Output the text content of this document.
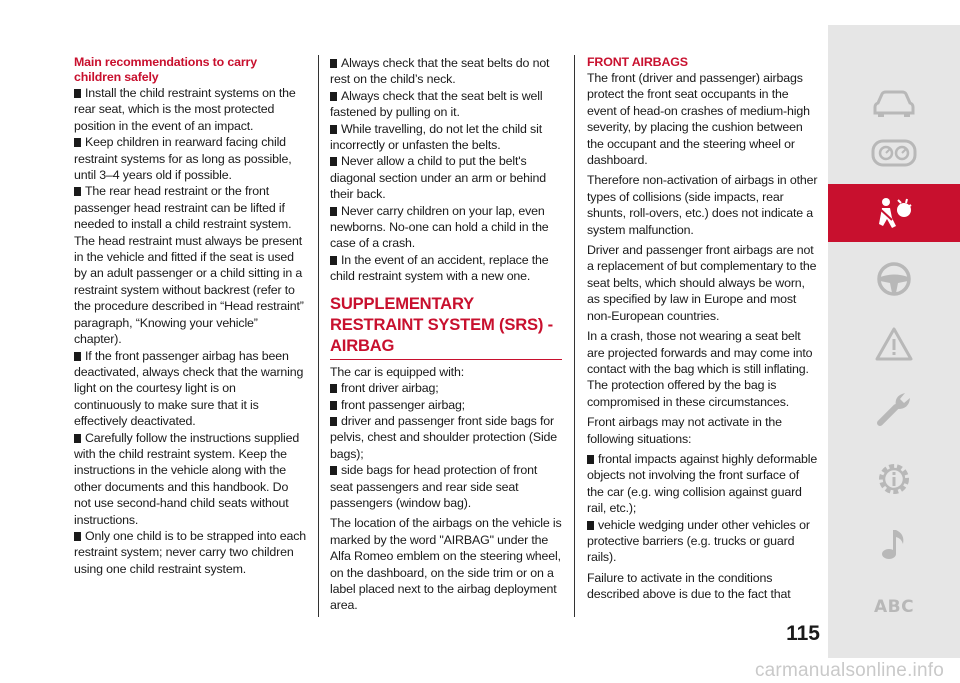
Main recommendations to carry children safely
Install the child restraint systems on the rear seat, which is the most protected position in the event of an impact.
Keep children in rearward facing child restraint systems for as long as possible, until 3–4 years old if possible.
The rear head restraint or the front passenger head restraint can be lifted if needed to install a child restraint system. The head restraint must always be present in the vehicle and fitted if the seat is used by an adult passenger or a child sitting in a restraint system without backrest (refer to the procedure described in “Head restraint” paragraph, “Knowing your vehicle” chapter).
If the front passenger airbag has been deactivated, always check that the warning light on the courtesy light is on continuously to make sure that it is effectively deactivated.
Carefully follow the instructions supplied with the child restraint system. Keep the instructions in the vehicle along with the other documents and this handbook. Do not use second-hand child seats without instructions.
Only one child is to be strapped into each restraint system; never carry two children using one child restraint system.
Always check that the seat belts do not rest on the child’s neck.
Always check that the seat belt is well fastened by pulling on it.
While travelling, do not let the child sit incorrectly or unfasten the belts.
Never allow a child to put the belt's diagonal section under an arm or behind their back.
Never carry children on your lap, even newborns. No-one can hold a child in the case of a crash.
In the event of an accident, replace the child restraint system with a new one.
SUPPLEMENTARY RESTRAINT SYSTEM (SRS) - AIRBAG
The car is equipped with:
front driver airbag;
front passenger airbag;
driver and passenger front side bags for pelvis, chest and shoulder protection (Side bags);
side bags for head protection of front seat passengers and rear side seat passengers (window bag).
The location of the airbags on the vehicle is marked by the word "AIRBAG" under the Alfa Romeo emblem on the steering wheel, on the dashboard, on the side trim or on a label placed next to the airbag deployment area.
FRONT AIRBAGS
The front (driver and passenger) airbags protect the front seat occupants in the event of head-on crashes of medium-high severity, by placing the cushion between the occupant and the steering wheel or dashboard.
Therefore non-activation of airbags in other types of collisions (side impacts, rear shunts, roll-overs, etc.) does not indicate a system malfunction.
Driver and passenger front airbags are not a replacement of but complementary to the seat belts, which should always be worn, as specified by law in Europe and most non-European countries.
In a crash, those not wearing a seat belt are projected forwards and may come into contact with the bag which is still inflating. The protection offered by the bag is compromised in these circumstances.
Front airbags may not activate in the following situations:
frontal impacts against highly deformable objects not involving the front surface of the car (e.g. wing collision against guard rail, etc.);
vehicle wedging under other vehicles or protective barriers (e.g. trucks or guard rails).
Failure to activate in the conditions described above is due to the fact that
ABC
115
carmanualsonline.info
